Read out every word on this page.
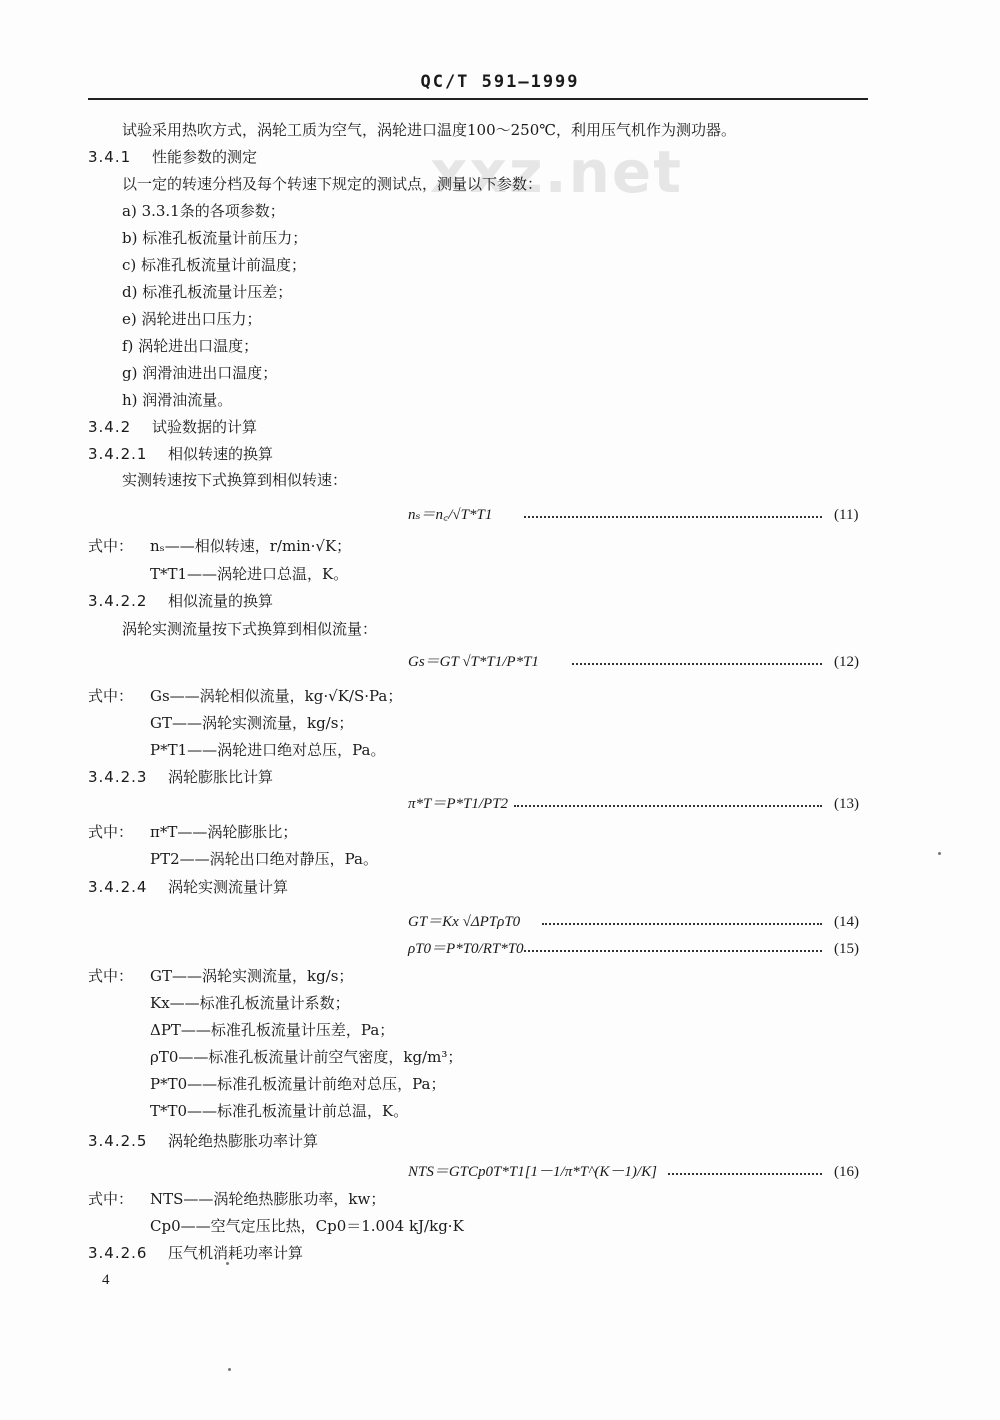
QC/T 591—1999
xxz.net
试验采用热吹方式，涡轮工质为空气，涡轮进口温度100～250℃，利用压气机作为测功器。
3.4.1 性能参数的测定
以一定的转速分档及每个转速下规定的测试点，测量以下参数：
a) 3.3.1条的各项参数；
b) 标准孔板流量计前压力；
c) 标准孔板流量计前温度；
d) 标准孔板流量计压差；
e) 涡轮进出口压力；
f) 涡轮进出口温度；
g) 润滑油进出口温度；
h) 润滑油流量。
3.4.2 试验数据的计算
3.4.2.1 相似转速的换算
实测转速按下式换算到相似转速：
nₛ＝n꜀/√T*T1	(11)
式中： nₛ——相似转速，r/min·√K；
T*T1——涡轮进口总温，K。
3.4.2.2 相似流量的换算
涡轮实测流量按下式换算到相似流量：
Gs＝GT √T*T1/P*T1	(12)
式中： Gs——涡轮相似流量，kg·√K/S·Pa；
GT——涡轮实测流量，kg/s；
P*T1——涡轮进口绝对总压，Pa。
3.4.2.3 涡轮膨胀比计算
π*T＝P*T1/PT2	(13)
式中： π*T——涡轮膨胀比；
PT2——涡轮出口绝对静压，Pa。
3.4.2.4 涡轮实测流量计算
GT＝Kx √ΔPTρT0	(14)
ρT0＝P*T0/RT*T0	(15)
式中： GT——涡轮实测流量，kg/s；
Kx——标准孔板流量计系数；
ΔPT——标准孔板流量计压差，Pa；
ρT0——标准孔板流量计前空气密度，kg/m³；
P*T0——标准孔板流量计前绝对总压，Pa；
T*T0——标准孔板流量计前总温，K。
3.4.2.5 涡轮绝热膨胀功率计算
NTS＝GTCp0T*T1[1－1/π*T^(K－1)/K]	(16)
式中： NTS——涡轮绝热膨胀功率，kw；
Cp0——空气定压比热，Cp0＝1.004 kJ/kg·K
3.4.2.6 压气机消耗功率计算
4
